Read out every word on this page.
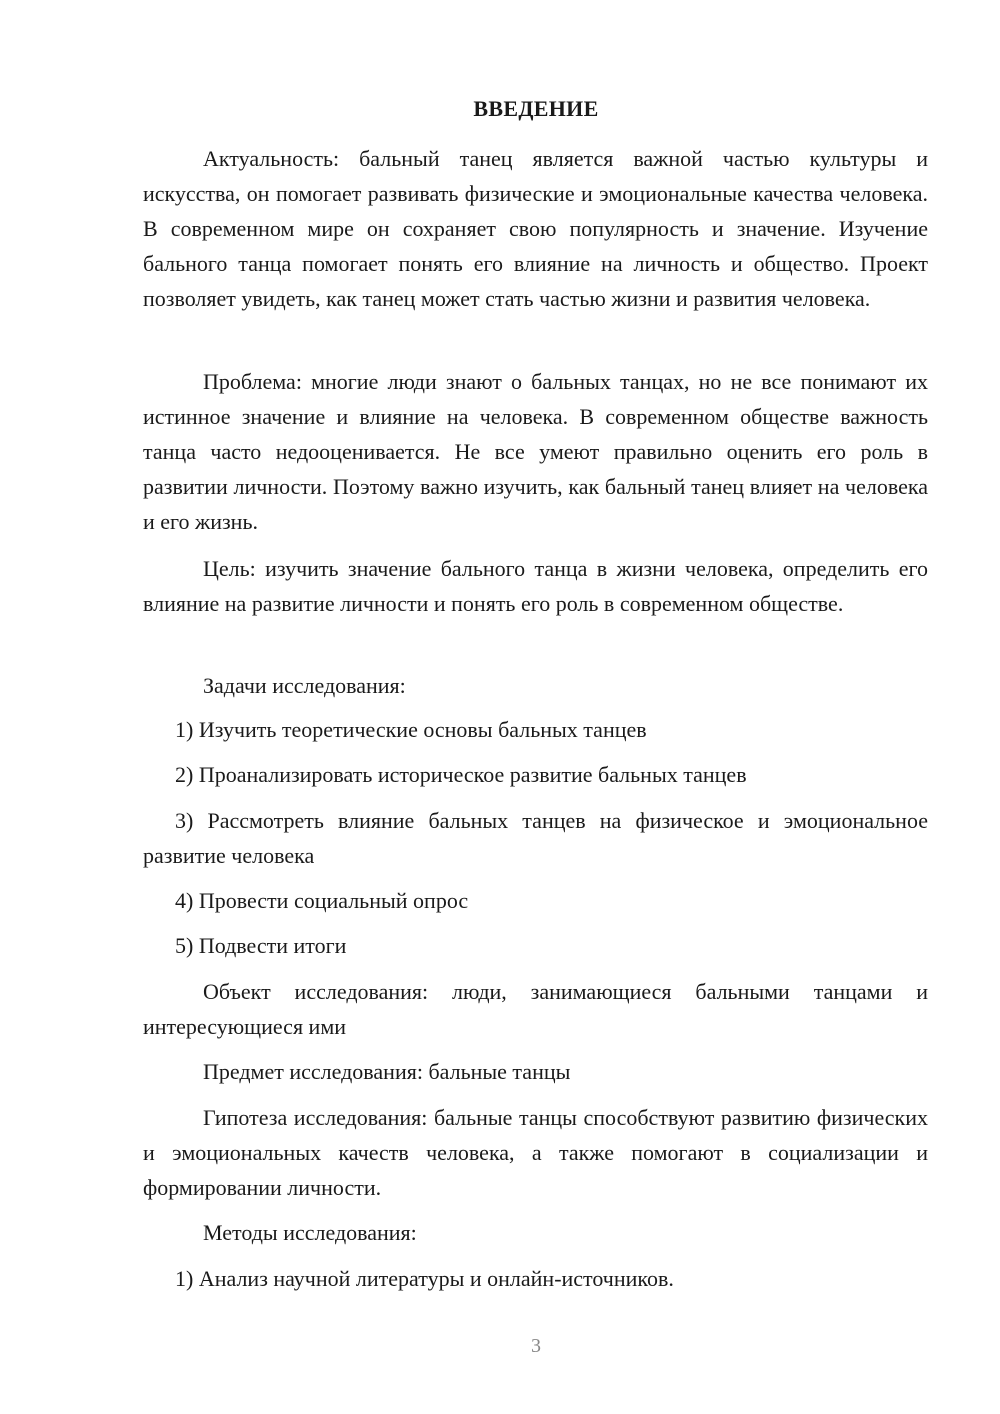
ВВЕДЕНИЕ

Актуальность: бальный танец является важной частью культуры и искусства, он помогает развивать физические и эмоциональные качества человека. В современном мире он сохраняет свою популярность и значение. Изучение бального танца помогает понять его влияние на личность и общество. Проект позволяет увидеть, как танец может стать частью жизни и развития человека.

Проблема: многие люди знают о бальных танцах, но не все понимают их истинное значение и влияние на человека. В современном обществе важность танца часто недооценивается. Не все умеют правильно оценить его роль в развитии личности. Поэтому важно изучить, как бальный танец влияет на человека и его жизнь.

Цель: изучить значение бального танца в жизни человека, определить его влияние на развитие личности и понять его роль в современном обществе.

Задачи исследования:

1) Изучить теоретические основы бальных танцев

2) Проанализировать историческое развитие бальных танцев

3) Рассмотреть влияние бальных танцев на физическое и эмоциональное развитие человека

4) Провести социальный опрос

5) Подвести итоги

Объект исследования: люди, занимающиеся бальными танцами и интересующиеся ими

Предмет исследования: бальные танцы

Гипотеза исследования: бальные танцы способствуют развитию физических и эмоциональных качеств человека, а также помогают в социализации и формировании личности.

Методы исследования:

1) Анализ научной литературы и онлайн-источников.

3
